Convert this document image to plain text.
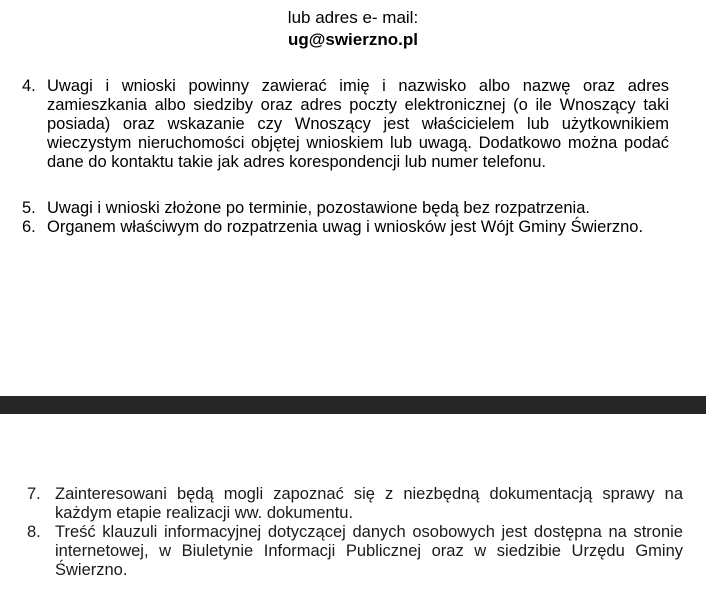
lub adres e- mail:
ug@swierzno.pl
4. Uwagi i wnioski powinny zawierać imię i nazwisko albo nazwę oraz adres zamieszkania albo siedziby oraz adres poczty elektronicznej (o ile Wnoszący taki posiada) oraz wskazanie czy Wnoszący jest właścicielem lub użytkownikiem wieczystym nieruchomości objętej wnioskiem lub uwagą. Dodatkowo można podać dane do kontaktu takie jak adres korespondencji lub numer telefonu.
5. Uwagi i wnioski złożone po terminie, pozostawione będą bez rozpatrzenia.
6. Organem właściwym do rozpatrzenia uwag i wniosków jest Wójt Gminy Świerzno.
7. Zainteresowani będą mogli zapoznać się z niezbędną dokumentacją sprawy na każdym etapie realizacji ww. dokumentu.
8. Treść klauzuli informacyjnej dotyczącej danych osobowych jest dostępna na stronie internetowej, w Biuletynie Informacji Publicznej oraz w siedzibie Urzędu Gminy Świerzno.
